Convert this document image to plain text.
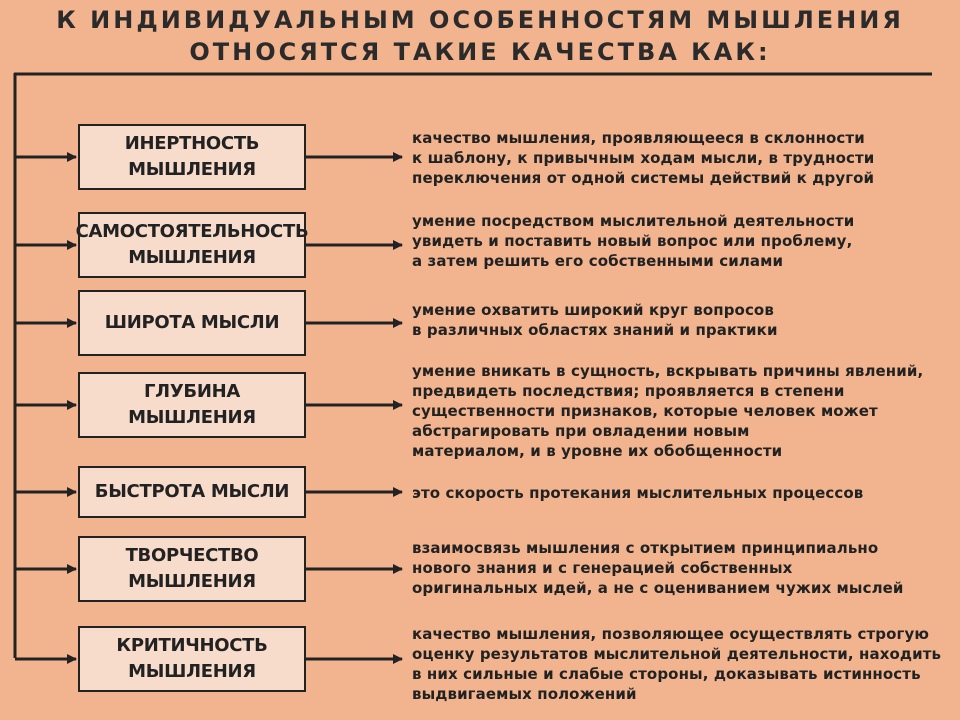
К ИНДИВИДУАЛЬНЫМ ОСОБЕННОСТЯМ МЫШЛЕНИЯ
ОТНОСЯТСЯ ТАКИЕ КАЧЕСТВА КАК:
ИНЕРТНОСТЬ
МЫШЛЕНИЯ
качество мышления, проявляющееся в склонности
к шаблону, к привычным ходам мысли, в трудности
переключения от одной системы действий к другой
САМОСТОЯТЕЛЬНОСТЬ
МЫШЛЕНИЯ
умение посредством мыслительной деятельности
увидеть и поставить новый вопрос или проблему,
а затем решить его собственными силами
ШИРОТА МЫСЛИ
умение охватить широкий круг вопросов
в различных областях знаний и практики
ГЛУБИНА
МЫШЛЕНИЯ
умение вникать в сущность, вскрывать причины явлений,
предвидеть последствия; проявляется в степени
существенности признаков, которые человек может
абстрагировать при овладении новым
материалом, и в уровне их обобщенности
БЫСТРОТА МЫСЛИ	это скорость протекания мыслительных процессов
ТВОРЧЕСТВО
МЫШЛЕНИЯ
взаимосвязь мышления с открытием принципиально
нового знания и с генерацией собственных
оригинальных идей, а не с оцениванием чужих мыслей
КРИТИЧНОСТЬ
МЫШЛЕНИЯ
качество мышления, позволяющее осуществлять строгую
оценку результатов мыслительной деятельности, находить
в них сильные и слабые стороны, доказывать истинность
выдвигаемых положений
